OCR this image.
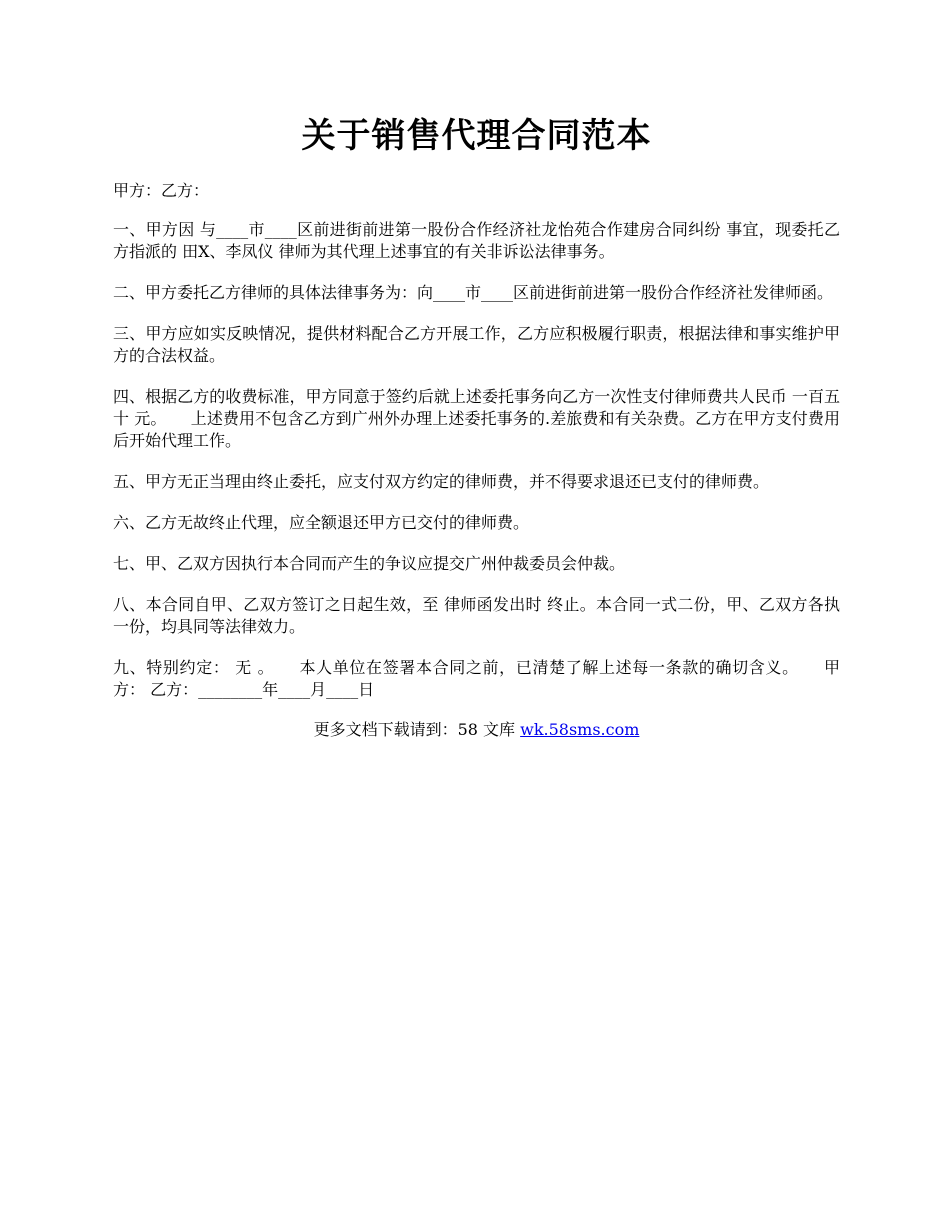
关于销售代理合同范本

甲方：乙方：

一、甲方因 与____市____区前进街前进第一股份合作经济社龙怡苑合作建房合同纠纷 事宜，现委托乙方指派的 田X、李凤仪 律师为其代理上述事宜的有关非诉讼法律事务。

二、甲方委托乙方律师的具体法律事务为：向____市____区前进街前进第一股份合作经济社发律师函。

三、甲方应如实反映情况，提供材料配合乙方开展工作，乙方应积极履行职责，根据法律和事实维护甲方的合法权益。

四、根据乙方的收费标准，甲方同意于签约后就上述委托事务向乙方一次性支付律师费共人民币 一百五十 元。　　上述费用不包含乙方到广州外办理上述委托事务的.差旅费和有关杂费。乙方在甲方支付费用后开始代理工作。

五、甲方无正当理由终止委托，应支付双方约定的律师费，并不得要求退还已支付的律师费。

六、乙方无故终止代理，应全额退还甲方已交付的律师费。

七、甲、乙双方因执行本合同而产生的争议应提交广州仲裁委员会仲裁。

八、本合同自甲、乙双方签订之日起生效，至 律师函发出时 终止。本合同一式二份，甲、乙双方各执一份，均具同等法律效力。

九、特别约定： 无 。　　本人单位在签署本合同之前，已清楚了解上述每一条款的确切含义。　　甲方： 乙方：________年____月____日

更多文档下载请到：58 文库 wk.58sms.com
